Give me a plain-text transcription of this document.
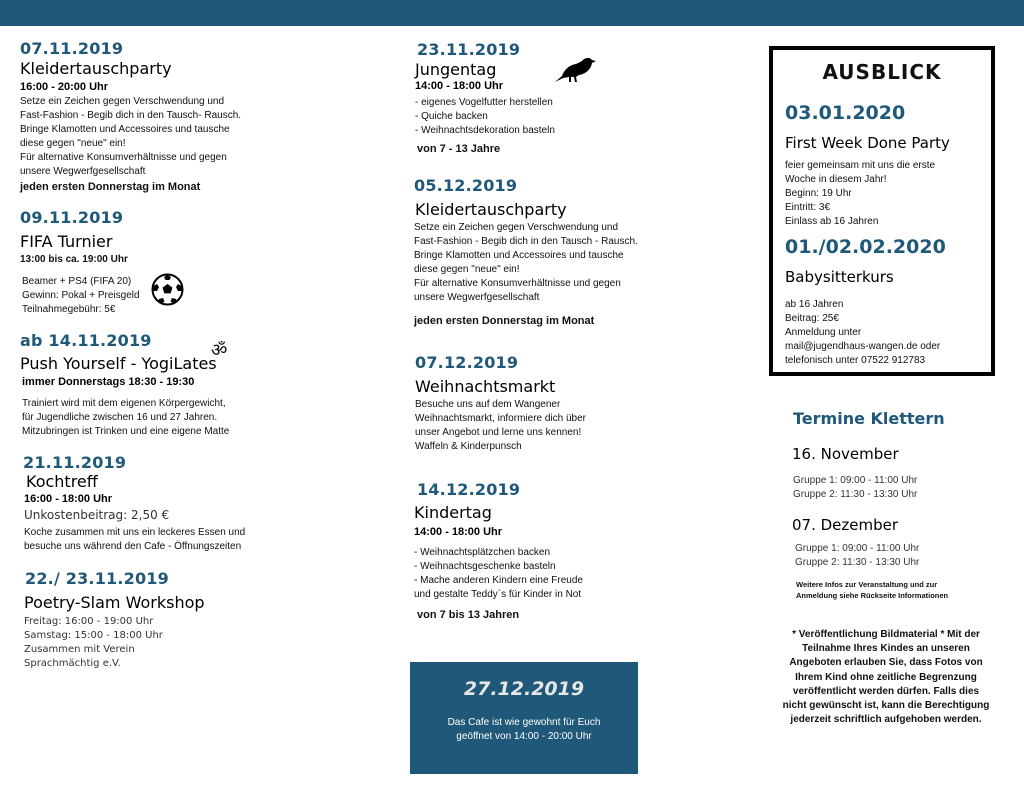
07.11.2019
Kleidertauschparty
16:00 - 20:00 Uhr
Setze ein Zeichen gegen Verschwendung und
Fast-Fashion - Begib dich in den Tausch- Rausch.
Bringe Klamotten und Accessoires und tausche
diese gegen "neue" ein!
Für alternative Konsumverhältnisse und gegen
unsere Wegwerfgesellschaft
jeden ersten Donnerstag im Monat
09.11.2019
FIFA Turnier
13:00 bis ca. 19:00 Uhr
Beamer + PS4 (FIFA 20)
Gewinn: Pokal + Preisgeld
Teilnahmegebühr: 5€
ab 14.11.2019
Push Yourself - YogiLates
ॐ
immer Donnerstags 18:30 - 19:30
Trainiert wird mit dem eigenen Körpergewicht,
für Jugendliche zwischen 16 und 27 Jahren.
Mitzubringen ist Trinken und eine eigene Matte
21.11.2019
Kochtreff
16:00 - 18:00 Uhr
Unkostenbeitrag: 2,50 €
Koche zusammen mit uns ein leckeres Essen und
besuche uns während den Cafe - Öffnungszeiten
22./ 23.11.2019
Poetry-Slam Workshop
Freitag: 16:00 - 19:00 Uhr
Samstag: 15:00 - 18:00 Uhr
Zusammen mit Verein
Sprachmächtig e.V.
23.11.2019
Jungentag
14:00 - 18:00 Uhr
- eigenes Vogelfutter herstellen
- Quiche backen
- Weihnachtsdekoration basteln
von 7 - 13 Jahre
05.12.2019
Kleidertauschparty
Setze ein Zeichen gegen Verschwendung und
Fast-Fashion - Begib dich in den Tausch - Rausch.
Bringe Klamotten und Accessoires und tausche
diese gegen "neue" ein!
Für alternative Konsumverhältnisse und gegen
unsere Wegwerfgesellschaft
jeden ersten Donnerstag im Monat
07.12.2019
Weihnachtsmarkt
Besuche uns auf dem Wangener
Weihnachtsmarkt, informiere dich über
unser Angebot und lerne uns kennen!
Waffeln & Kinderpunsch
14.12.2019
Kindertag
14:00 - 18:00 Uhr
- Weihnachtsplätzchen backen
- Weihnachtsgeschenke basteln
- Mache anderen Kindern eine Freude
und gestalte Teddy`s für Kinder in Not
von 7 bis 13 Jahren
27.12.2019
Das Cafe ist wie gewohnt für Euch
geöffnet von 14:00 - 20:00 Uhr
AUSBLICK
03.01.2020
First Week Done Party
feier gemeinsam mit uns die erste
Woche in diesem Jahr!
Beginn: 19 Uhr
Eintritt: 3€
Einlass ab 16 Jahren
01./02.02.2020
Babysitterkurs
ab 16 Jahren
Beitrag: 25€
Anmeldung unter
mail@jugendhaus-wangen.de oder
telefonisch unter 07522 912783
Termine Klettern
16. November
Gruppe 1: 09:00 - 11:00 Uhr
Gruppe 2: 11:30 - 13:30 Uhr
07. Dezember
Gruppe 1: 09:00 - 11:00 Uhr
Gruppe 2: 11:30 - 13:30 Uhr
Weitere Infos zur Veranstaltung und zur
Anmeldung siehe Rückseite Informationen
* Veröffentlichung Bildmaterial * Mit der Teilnahme Ihres Kindes an unseren Angeboten erlauben Sie, dass Fotos von Ihrem Kind ohne zeitliche Begrenzung veröffentlicht werden dürfen. Falls dies nicht gewünscht ist, kann die Berechtigung jederzeit schriftlich aufgehoben werden.
